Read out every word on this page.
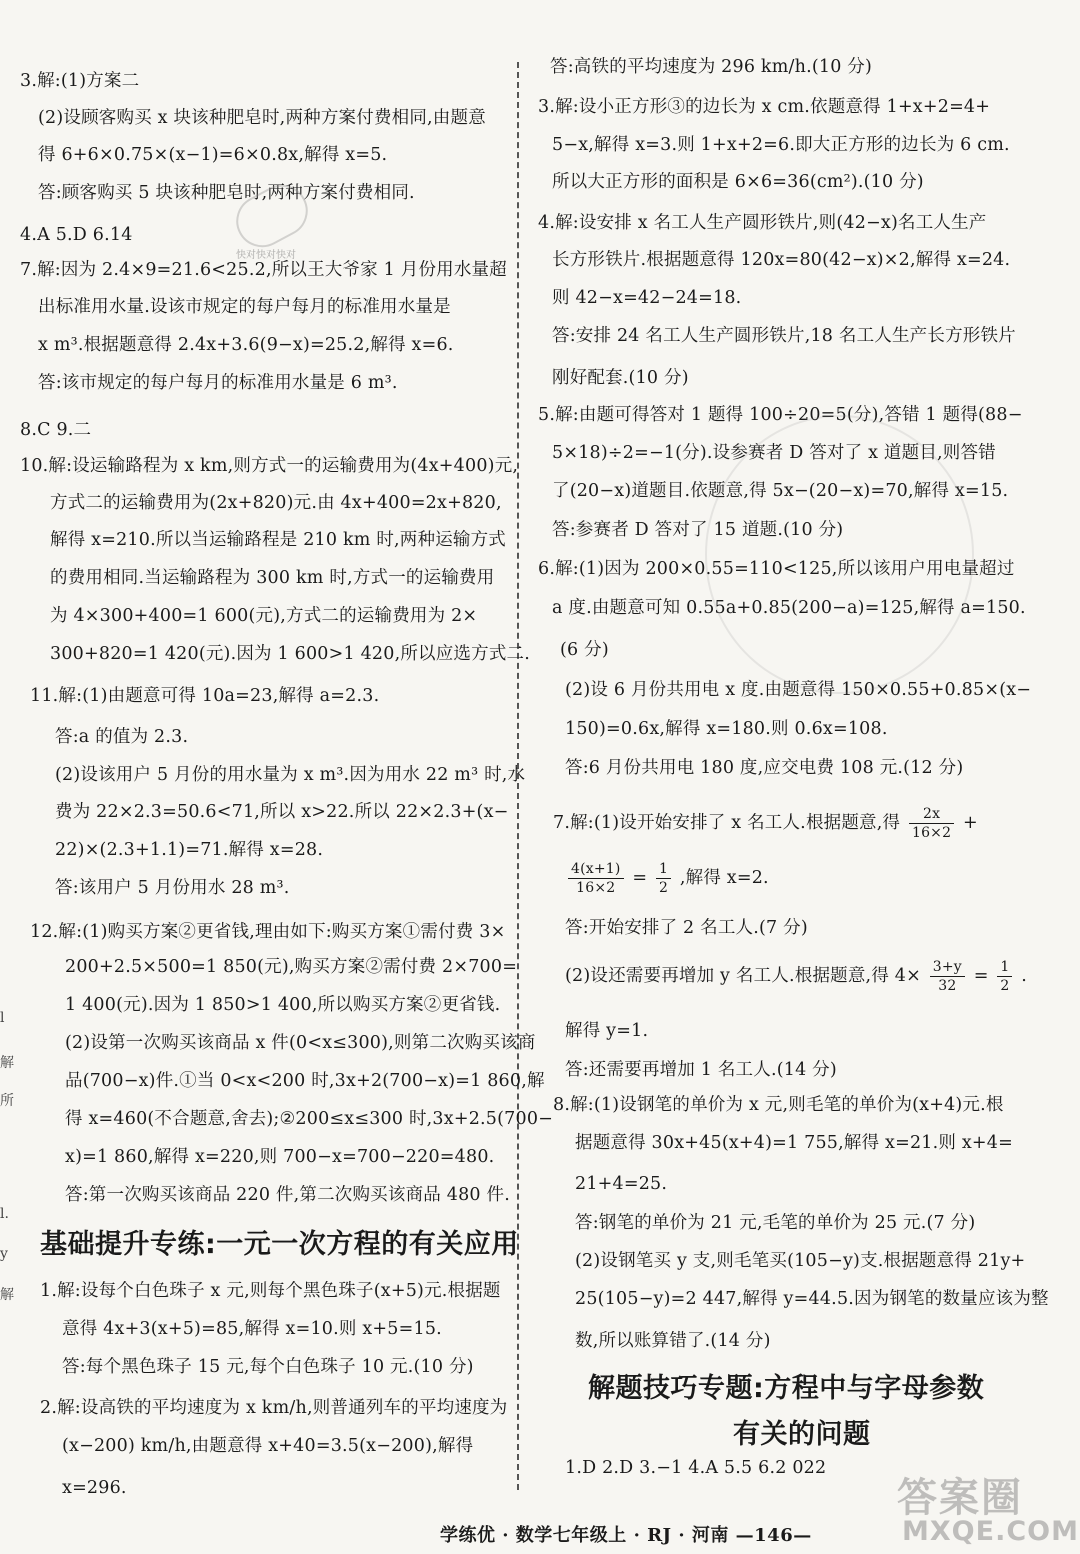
3.解:(1)方案二
(2)设顾客购买 x 块该种肥皂时,两种方案付费相同,由题意
得 6+6×0.75×(x−1)=6×0.8x,解得 x=5.
答:顾客购买 5 块该种肥皂时,两种方案付费相同.
4.A 5.D 6.14
7.解:因为 2.4×9=21.6<25.2,所以王大爷家 1 月份用水量超
出标准用水量.设该市规定的每户每月的标准用水量是
x m³.根据题意得 2.4x+3.6(9−x)=25.2,解得 x=6.
答:该市规定的每户每月的标准用水量是 6 m³.
8.C 9.二
10.解:设运输路程为 x km,则方式一的运输费用为(4x+400)元,
方式二的运输费用为(2x+820)元.由 4x+400=2x+820,
解得 x=210.所以当运输路程是 210 km 时,两种运输方式
的费用相同.当运输路程为 300 km 时,方式一的运输费用
为 4×300+400=1 600(元),方式二的运输费用为 2×
300+820=1 420(元).因为 1 600>1 420,所以应选方式二.
11.解:(1)由题意可得 10a=23,解得 a=2.3.
答:a 的值为 2.3.
(2)设该用户 5 月份的用水量为 x m³.因为用水 22 m³ 时,水
费为 22×2.3=50.6<71,所以 x>22.所以 22×2.3+(x−
22)×(2.3+1.1)=71.解得 x=28.
答:该用户 5 月份用水 28 m³.
12.解:(1)购买方案②更省钱,理由如下:购买方案①需付费 3×
200+2.5×500=1 850(元),购买方案②需付费 2×700=
1 400(元).因为 1 850>1 400,所以购买方案②更省钱.
(2)设第一次购买该商品 x 件(0<x≤300),则第二次购买该商
品(700−x)件.①当 0<x<200 时,3x+2(700−x)=1 860,解
得 x=460(不合题意,舍去);②200≤x≤300 时,3x+2.5(700−
x)=1 860,解得 x=220,则 700−x=700−220=480.
答:第一次购买该商品 220 件,第二次购买该商品 480 件.
1.解:设每个白色珠子 x 元,则每个黑色珠子(x+5)元.根据题
意得 4x+3(x+5)=85,解得 x=10.则 x+5=15.
答:每个黑色珠子 15 元,每个白色珠子 10 元.(10 分)
2.解:设高铁的平均速度为 x km/h,则普通列车的平均速度为
(x−200) km/h,由题意得 x+40=3.5(x−200),解得
x=296.
基础提升专练:一元一次方程的有关应用
答:高铁的平均速度为 296 km/h.(10 分)
3.解:设小正方形③的边长为 x cm.依题意得 1+x+2=4+
5−x,解得 x=3.则 1+x+2=6.即大正方形的边长为 6 cm.
所以大正方形的面积是 6×6=36(cm²).(10 分)
4.解:设安排 x 名工人生产圆形铁片,则(42−x)名工人生产
长方形铁片.根据题意得 120x=80(42−x)×2,解得 x=24.
则 42−x=42−24=18.
答:安排 24 名工人生产圆形铁片,18 名工人生产长方形铁片
刚好配套.(10 分)
5.解:由题可得答对 1 题得 100÷20=5(分),答错 1 题得(88−
5×18)÷2=−1(分).设参赛者 D 答对了 x 道题目,则答错
了(20−x)道题目.依题意,得 5x−(20−x)=70,解得 x=15.
答:参赛者 D 答对了 15 道题.(10 分)
6.解:(1)因为 200×0.55=110<125,所以该用户用电量超过
a 度.由题意可知 0.55a+0.85(200−a)=125,解得 a=150.
(6 分)
(2)设 6 月份共用电 x 度.由题意得 150×0.55+0.85×(x−
150)=0.6x,解得 x=180.则 0.6x=108.
答:6 月份共用电 180 度,应交电费 108 元.(12 分)
答:开始安排了 2 名工人.(7 分)
解得 y=1.
答:还需要再增加 1 名工人.(14 分)
8.解:(1)设钢笔的单价为 x 元,则毛笔的单价为(x+4)元.根
据题意得 30x+45(x+4)=1 755,解得 x=21.则 x+4=
21+4=25.
答:钢笔的单价为 21 元,毛笔的单价为 25 元.(7 分)
(2)设钢笔买 y 支,则毛笔买(105−y)支.根据题意得 21y+
25(105−y)=2 447,解得 y=44.5.因为钢笔的数量应该为整
数,所以账算错了.(14 分)
1.D 2.D 3.−1 4.A 5.5 6.2 022
7.解:(1)设开始安排了 x 名工人.根据题意,得 $\frac{2x}{16\times 2}$ +
$\frac{4(x+1)}{16\times 2} = \frac{1}{2}$ ,解得 x=2.
(2)设还需要再增加 y 名工人.根据题意,得 $4\times \frac{3+y}{32} = \frac{1}{2}$ .
解题技巧专题:方程中与字母参数
有关的问题
l
解
所
l.
y
解
快对快对快对
学练优 · 数学七年级上 · RJ · 河南 —146—
答案圈
MXQE.COM
